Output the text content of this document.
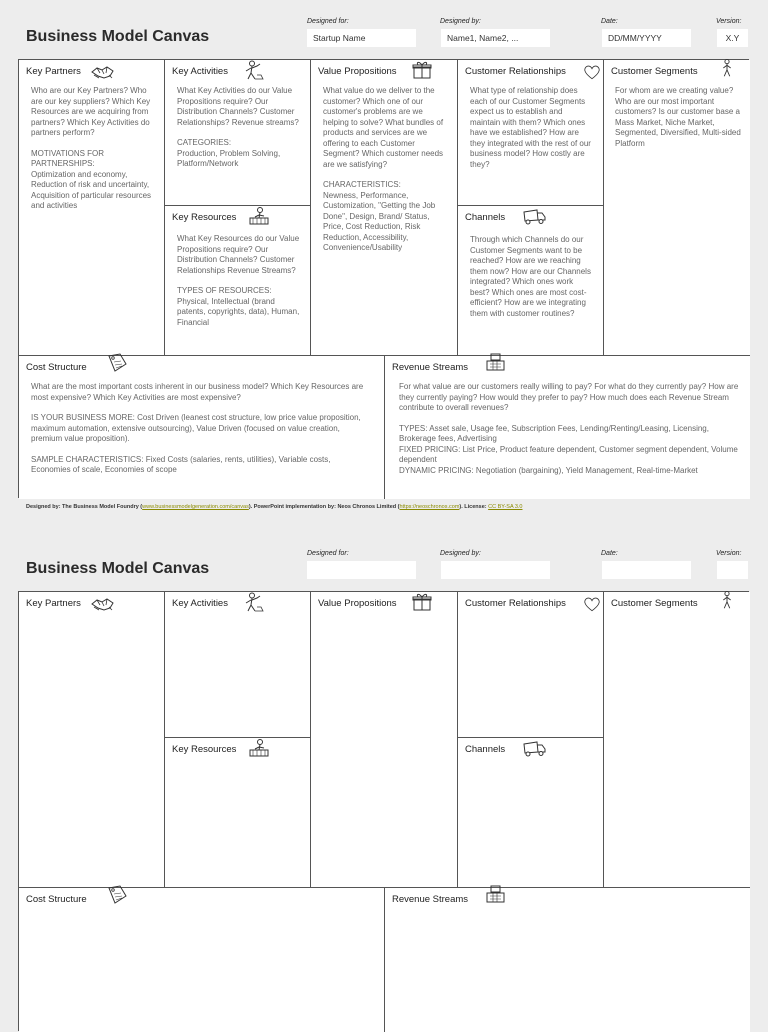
Business Model Canvas
Designed for:
Startup Name
Designed by:
Name1, Name2, ...
Date:
DD/MM/YYYY
Version:
X.Y
Key Partners

Who are our Key Partners? Who are our key suppliers? Which Key Resources are we acquiring from partners? Which Key Activities do partners perform?

MOTIVATIONS FOR PARTNERSHIPS:

Optimization and economy, Reduction of risk and uncertainty, Acquisition of particular resources and activities

Key Activities

What Key Activities do our Value Propositions require? Our Distribution Channels? Customer Relationships? Revenue streams?

CATEGORIES:

Production, Problem Solving, Platform/Network

Key Resources

What Key Resources do our Value Propositions require? Our Distribution Channels? Customer Relationships Revenue Streams?

TYPES OF RESOURCES:

Physical, Intellectual (brand patents, copyrights, data), Human, Financial

Value Propositions

What value do we deliver to the customer? Which one of our customer's problems are we helping to solve? What bundles of products and services are we offering to each Customer Segment? Which customer needs are we satisfying?

CHARACTERISTICS:

Newness, Performance, Customization, "Getting the Job Done", Design, Brand/ Status, Price, Cost Reduction, Risk Reduction, Accessibility, Convenience/Usability

Customer Relationships

What type of relationship does each of our Customer Segments expect us to establish and maintain with them? Which ones have we established? How are they integrated with the rest of our business model? How costly are they?

Channels

Through which Channels do our Customer Segments want to be reached? How are we reaching them now? How are our Channels integrated? Which ones work best? Which ones are most cost-efficient? How are we integrating them with customer routines?

Customer Segments

For whom are we creating value? Who are our most important customers? Is our customer base a Mass Market, Niche Market, Segmented, Diversified, Multi-sided Platform

Cost Structure

What are the most important costs inherent in our business model? Which Key Resources are most expensive? Which Key Activities are most expensive?

IS YOUR BUSINESS MORE: Cost Driven (leanest cost structure, low price value proposition, maximum automation, extensive outsourcing), Value Driven (focused on value creation, premium value proposition).

SAMPLE CHARACTERISTICS: Fixed Costs (salaries, rents, utilities), Variable costs, Economies of scale, Economies of scope

Revenue Streams

For what value are our customers really willing to pay? For what do they currently pay? How are they currently paying? How would they prefer to pay? How much does each Revenue Stream contribute to overall revenues?

TYPES: Asset sale, Usage fee, Subscription Fees, Lending/Renting/Leasing, Licensing, Brokerage fees, Advertising

FIXED PRICING: List Price, Product feature dependent, Customer segment dependent, Volume dependent

DYNAMIC PRICING: Negotiation (bargaining), Yield Management, Real-time-Market

Designed by: The Business Model Foundry (www.businessmodelgeneration.com/canvas). PowerPoint implementation by: Neos Chronos Limited (https://neoschronos.com). License: CC BY-SA 3.0
Business Model Canvas
Designed for:	Designed by:	Date:	Version:
Key Partners	Key Activities
Key Resources
Value Propositions	Customer Relationships
Channels
Customer Segments
Cost Structure	Revenue Streams
